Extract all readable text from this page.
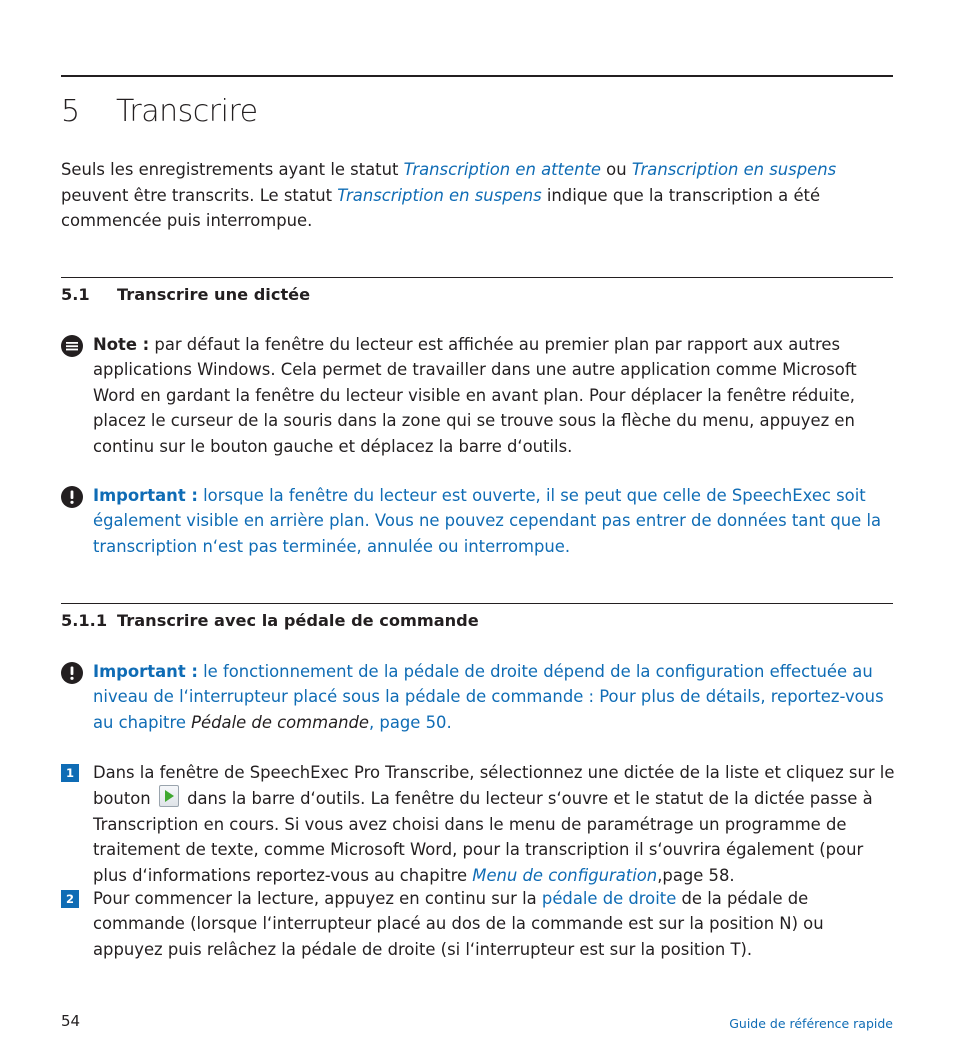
5 Transcrire

Seuls les enregistrements ayant le statut Transcription en attente ou Transcription en suspens peuvent être transcrits. Le statut Transcription en suspens indique que la transcription a été commencée puis interrompue.

5.1 Transcrire une dictée
Note : par défaut la fenêtre du lecteur est affichée au premier plan par rapport aux autres applications Windows. Cela permet de travailler dans une autre application comme Microsoft Word en gardant la fenêtre du lecteur visible en avant plan. Pour déplacer la fenêtre réduite, placez le curseur de la souris dans la zone qui se trouve sous la flèche du menu, appuyez en continu sur le bouton gauche et déplacez la barre d‘outils.
Important : lorsque la fenêtre du lecteur est ouverte, il se peut que celle de SpeechExec soit également visible en arrière plan. Vous ne pouvez cependant pas entrer de données tant que la transcription n‘est pas terminée, annulée ou interrompue.
5.1.1 Transcrire avec la pédale de commande
Important : le fonctionnement de la pédale de droite dépend de la configuration effectuée au niveau de l‘interrupteur placé sous la pédale de commande : Pour plus de détails, reportez-vous au chapitre Pédale de commande, page 50.
1	Dans la fenêtre de SpeechExec Pro Transcribe, sélectionnez une dictée de la liste et cliquez sur le bouton dans la barre d‘outils. La fenêtre du lecteur s‘ouvre et le statut de la dictée passe à Transcription en cours. Si vous avez choisi dans le menu de paramétrage un programme de traitement de texte, comme Microsoft Word, pour la transcription il s‘ouvrira également (pour plus d‘informations reportez-vous au chapitre Menu de configuration,page 58.
2	Pour commencer la lecture, appuyez en continu sur la pédale de droite de la pédale de commande (lorsque l‘interrupteur placé au dos de la commande est sur la position N) ou appuyez puis relâchez la pédale de droite (si l‘interrupteur est sur la position T).
54	Guide de référence rapide
